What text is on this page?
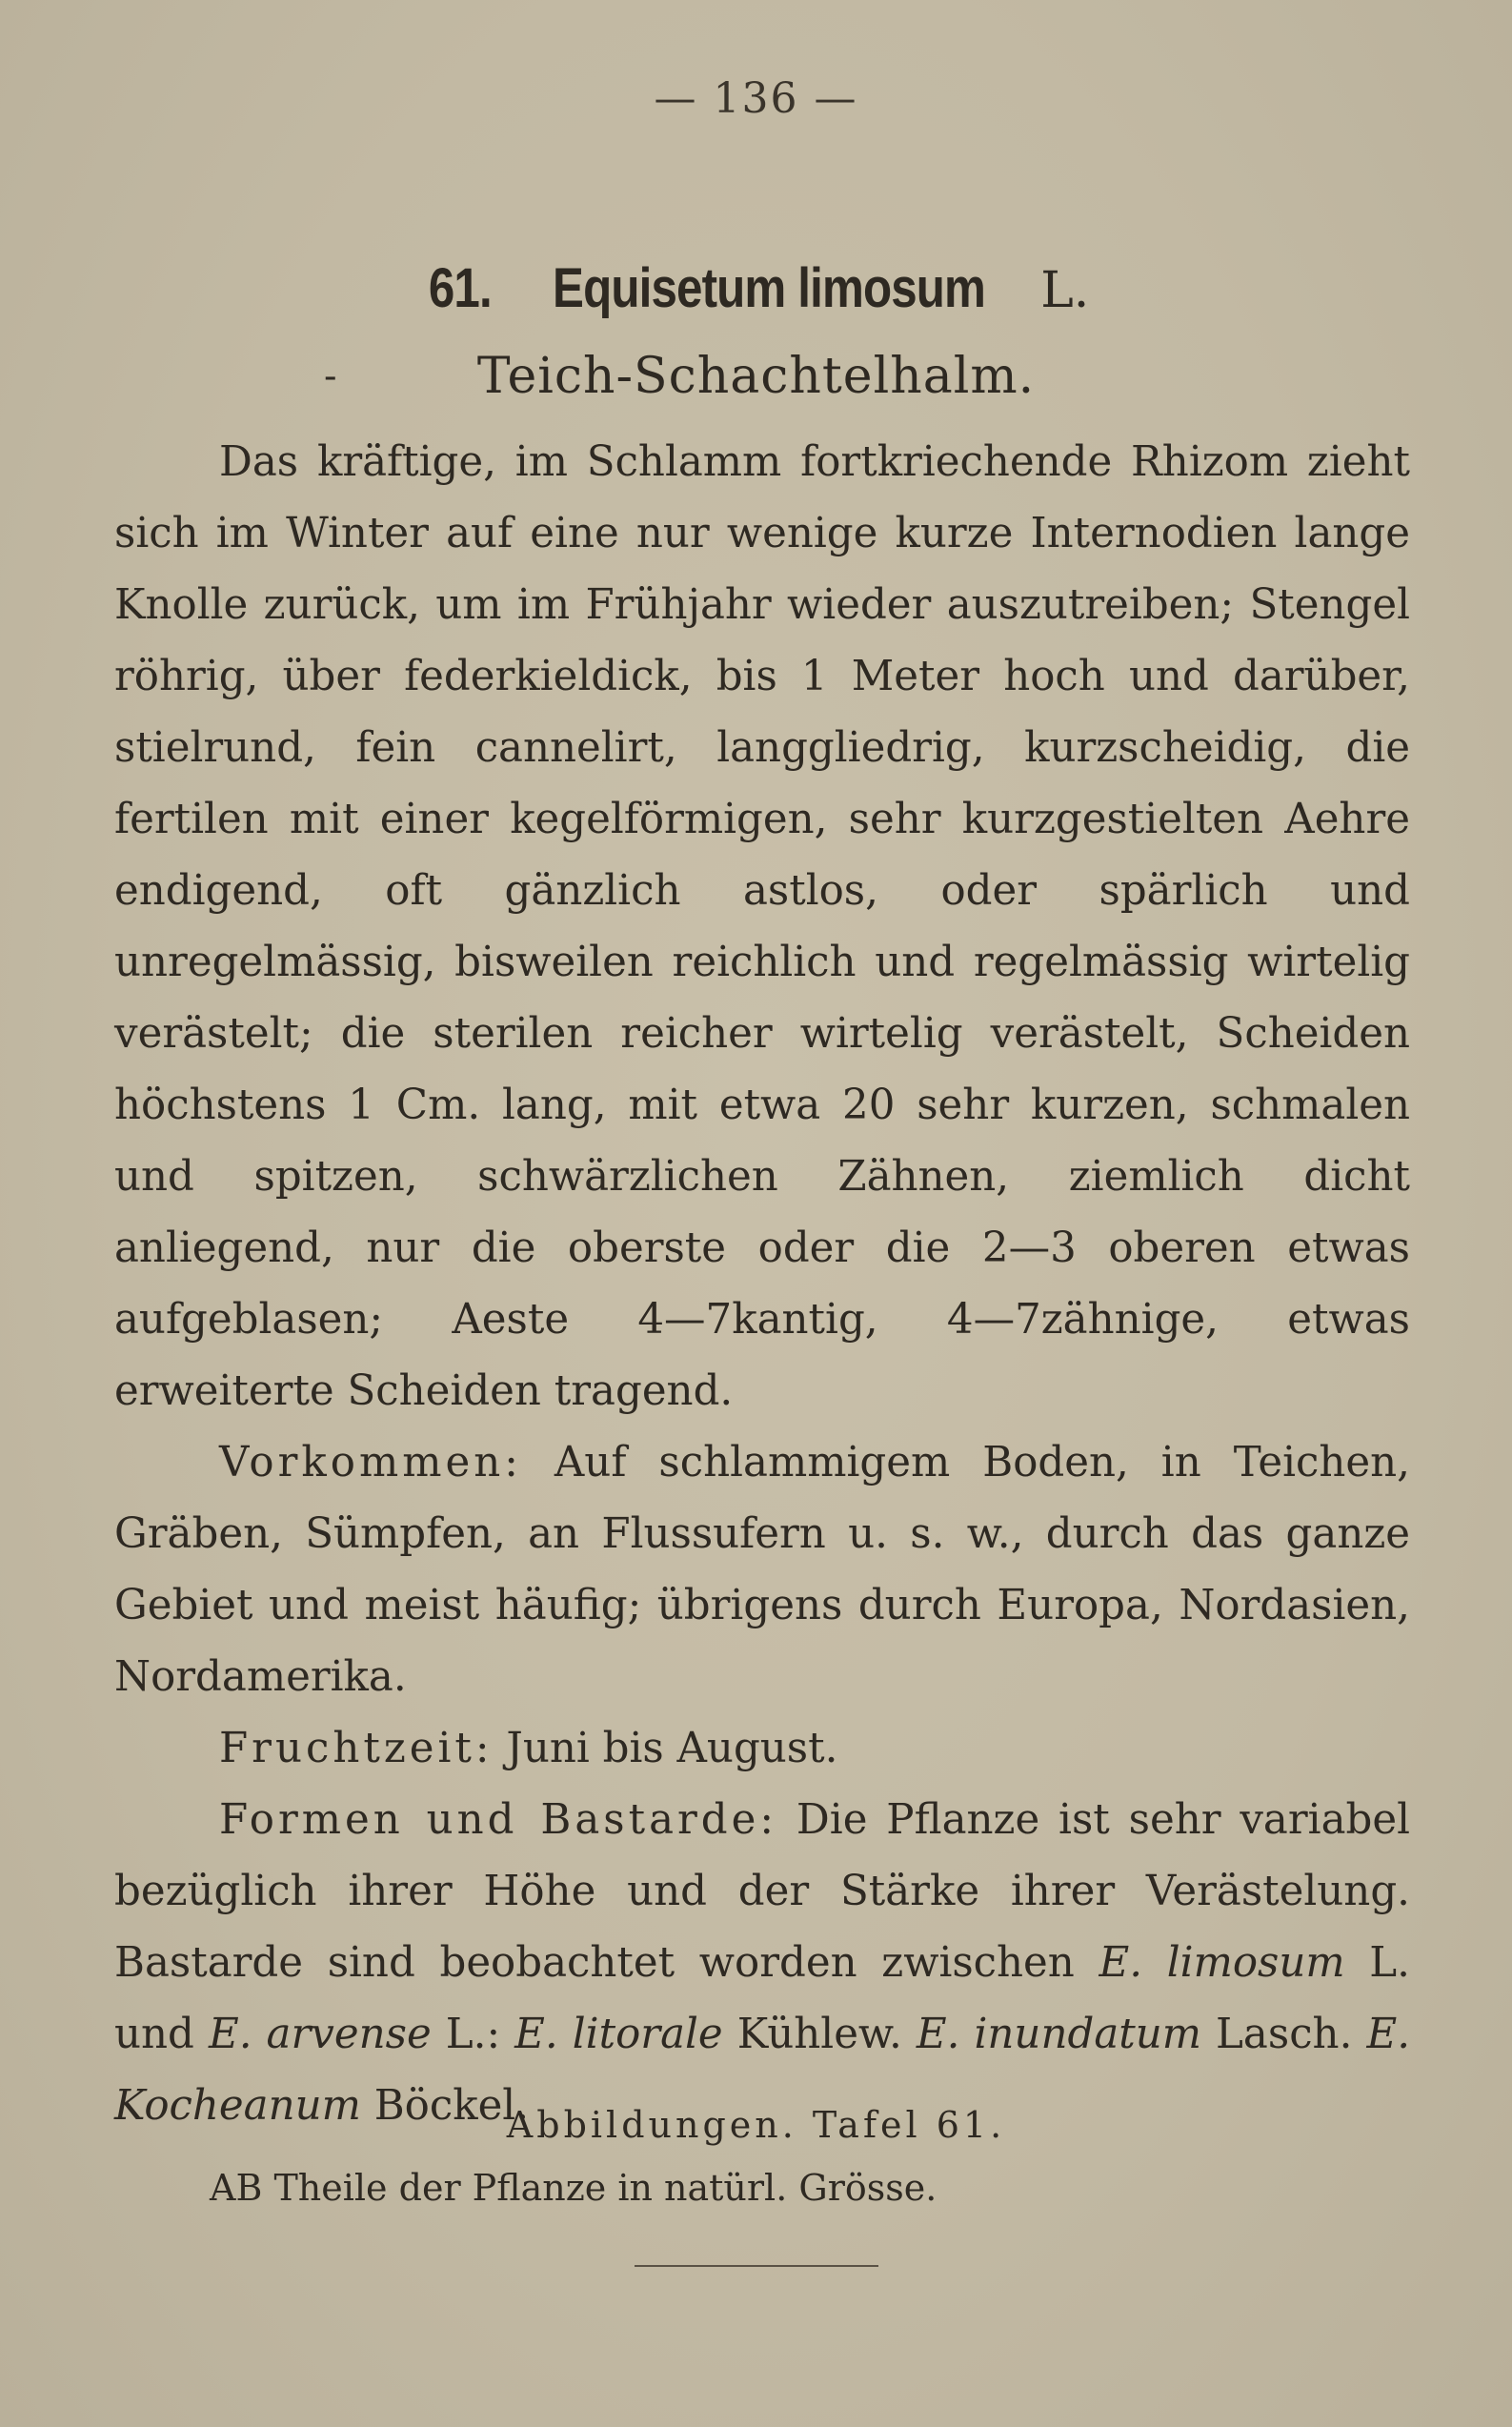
— 136 —
61. Equisetum limosum L.
-	Teich-Schachtelhalm.

Das kräftige, im Schlamm fortkriechende Rhizom zieht sich im Winter auf eine nur wenige kurze Internodien lange Knolle zurück, um im Frühjahr wieder auszutreiben; Stengel röhrig, über federkieldick, bis 1 Meter hoch und darüber, stielrund, fein cannelirt, langgliedrig, kurzscheidig, die fertilen mit einer kegelförmigen, sehr kurzgestielten Aehre endigend, oft gänzlich astlos, oder spärlich und unregelmässig, bisweilen reichlich und regelmässig wirtelig verästelt; die sterilen reicher wirtelig verästelt, Scheiden höchstens 1 Cm. lang, mit etwa 20 sehr kurzen, schmalen und spitzen, schwärzlichen Zähnen, ziemlich dicht anliegend, nur die oberste oder die 2—3 oberen etwas aufgeblasen; Aeste 4—7kantig, 4—7zähnige, etwas erweiterte Scheiden tragend.

Vorkommen: Auf schlammigem Boden, in Teichen, Gräben, Sümpfen, an Flussufern u. s. w., durch das ganze Gebiet und meist häufig; übrigens durch Europa, Nordasien, Nordamerika.

Fruchtzeit: Juni bis August.

Formen und Bastarde: Die Pflanze ist sehr variabel bezüglich ihrer Höhe und der Stärke ihrer Verästelung. Bastarde sind beobachtet worden zwischen E. limosum L. und E. arvense L.: E. litorale Kühlew. E. inundatum Lasch. E. Kocheanum Böckel.

Abbildungen. Tafel 61.
AB Theile der Pflanze in natürl. Grösse.
